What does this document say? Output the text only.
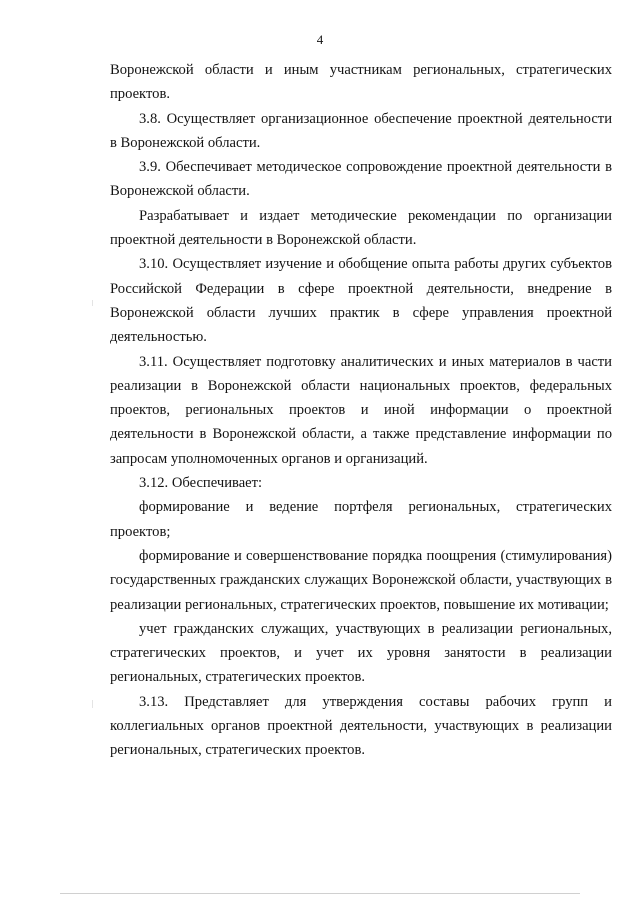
4

Воронежской области и иным участникам региональных, стратегических проектов.

3.8. Осуществляет организационное обеспечение проектной деятельности в Воронежской области.

3.9. Обеспечивает методическое сопровождение проектной деятельности в Воронежской области.

Разрабатывает и издает методические рекомендации по организации проектной деятельности в Воронежской области.

3.10. Осуществляет изучение и обобщение опыта работы других субъектов Российской Федерации в сфере проектной деятельности, внедрение в Воронежской области лучших практик в сфере управления проектной деятельностью.

3.11. Осуществляет подготовку аналитических и иных материалов в части реализации в Воронежской области национальных проектов, федеральных проектов, региональных проектов и иной информации о проектной деятельности в Воронежской области, а также представление информации по запросам уполномоченных органов и организаций.

3.12. Обеспечивает:

формирование и ведение портфеля региональных, стратегических проектов;

формирование и совершенствование порядка поощрения (стимулирования) государственных гражданских служащих Воронежской области, участвующих в реализации региональных, стратегических проектов, повышение их мотивации;

учет гражданских служащих, участвующих в реализации региональных, стратегических проектов, и учет их уровня занятости в реализации региональных, стратегических проектов.

3.13. Представляет для утверждения составы рабочих групп и коллегиальных органов проектной деятельности, участвующих в реализации региональных, стратегических проектов.
